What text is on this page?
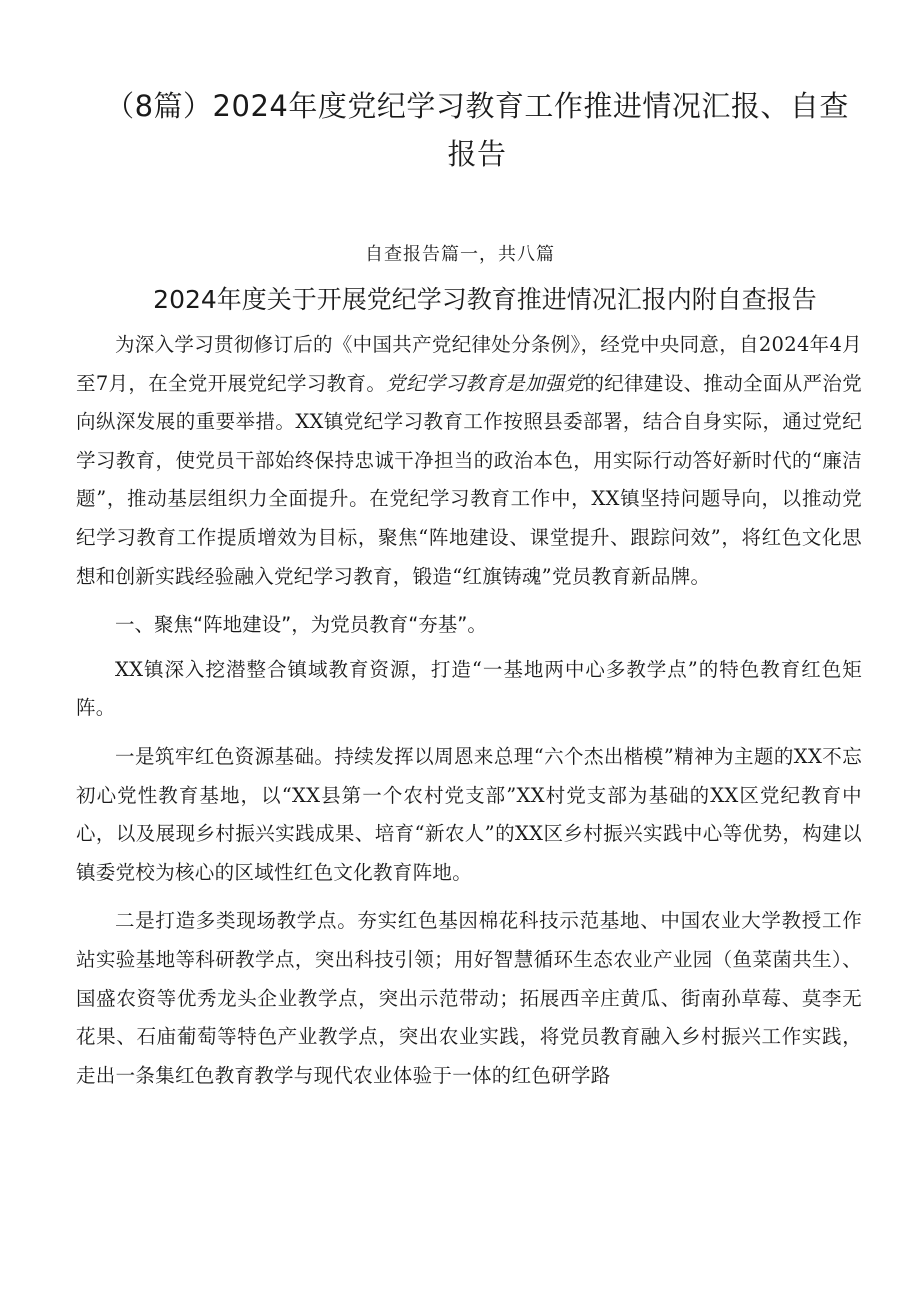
（8篇）2024年度党纪学习教育工作推进情况汇报、自查报告

自查报告篇一，共八篇

2024年度关于开展党纪学习教育推进情况汇报内附自查报告

为深入学习贯彻修订后的《中国共产党纪律处分条例》，经党中央同意，自2024年4月至7月，在全党开展党纪学习教育。党纪学习教育是加强党的纪律建设、推动全面从严治党向纵深发展的重要举措。XX镇党纪学习教育工作按照县委部署，结合自身实际，通过党纪学习教育，使党员干部始终保持忠诚干净担当的政治本色，用实际行动答好新时代的“廉洁题”，推动基层组织力全面提升。在党纪学习教育工作中，XX镇坚持问题导向，以推动党纪学习教育工作提质增效为目标，聚焦“阵地建设、课堂提升、跟踪问效”，将红色文化思想和创新实践经验融入党纪学习教育，锻造“红旗铸魂”党员教育新品牌。

一、聚焦“阵地建设”，为党员教育“夯基”。

XX镇深入挖潜整合镇域教育资源，打造“一基地两中心多教学点”的特色教育红色矩阵。

一是筑牢红色资源基础。持续发挥以周恩来总理“六个杰出楷模”精神为主题的XX不忘初心党性教育基地，以“XX县第一个农村党支部”XX村党支部为基础的XX区党纪教育中心，以及展现乡村振兴实践成果、培育“新农人”的XX区乡村振兴实践中心等优势，构建以镇委党校为核心的区域性红色文化教育阵地。

二是打造多类现场教学点。夯实红色基因棉花科技示范基地、中国农业大学教授工作站实验基地等科研教学点，突出科技引领；用好智慧循环生态农业产业园（鱼菜菌共生）、国盛农资等优秀龙头企业教学点，突出示范带动；拓展西辛庄黄瓜、街南孙草莓、莫李无花果、石庙葡萄等特色产业教学点，突出农业实践，将党员教育融入乡村振兴工作实践，走出一条集红色教育教学与现代农业体验于一体的红色研学路
